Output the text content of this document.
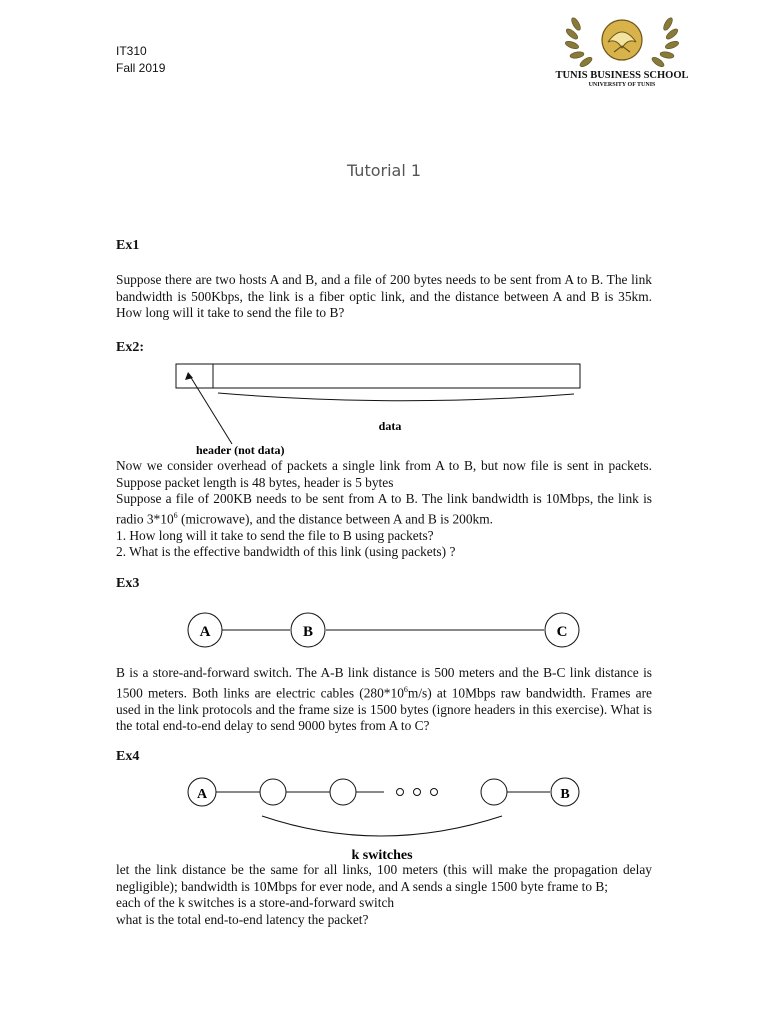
IT310
Fall 2019
TUNIS BUSINESS SCHOOL
UNIVERSITY OF TUNIS
Tutorial 1
Ex1
Suppose there are two hosts A and B, and a file of 200 bytes needs to be sent from A to B. The link bandwidth is 500Kbps, the link is a fiber optic link, and the distance between A and B is 35km. How long will it take to send the file to B?
Ex2:
data
header (not data)

Now we consider overhead of packets a single link from A to B, but now file is sent in packets. Suppose packet length is 48 bytes, header is 5 bytes

Suppose a file of 200KB needs to be sent from A to B. The link bandwidth is 10Mbps, the link is radio $3*10^6$ (microwave), and the distance between A and B is 200km.

1. How long will it take to send the file to B using packets?

2. What is the effective bandwidth of this link (using packets) ?

Ex3
A	B	C

B is a store-and-forward switch. The A-B link distance is 500 meters and the B-C link distance is 1500 meters. Both links are electric cables $(280*10^6m/s)$ at 10Mbps raw bandwidth. Frames are used in the link protocols and the frame size is 1500 bytes (ignore headers in this exercise). What is the total end-to-end delay to send 9000 bytes from A to C?

Ex4
A	B
k switches

let the link distance be the same for all links, 100 meters (this will make the propagation delay negligible); bandwidth is 10Mbps for ever node, and A sends a single 1500 byte frame to B;

each of the k switches is a store-and-forward switch

what is the total end-to-end latency the packet?
